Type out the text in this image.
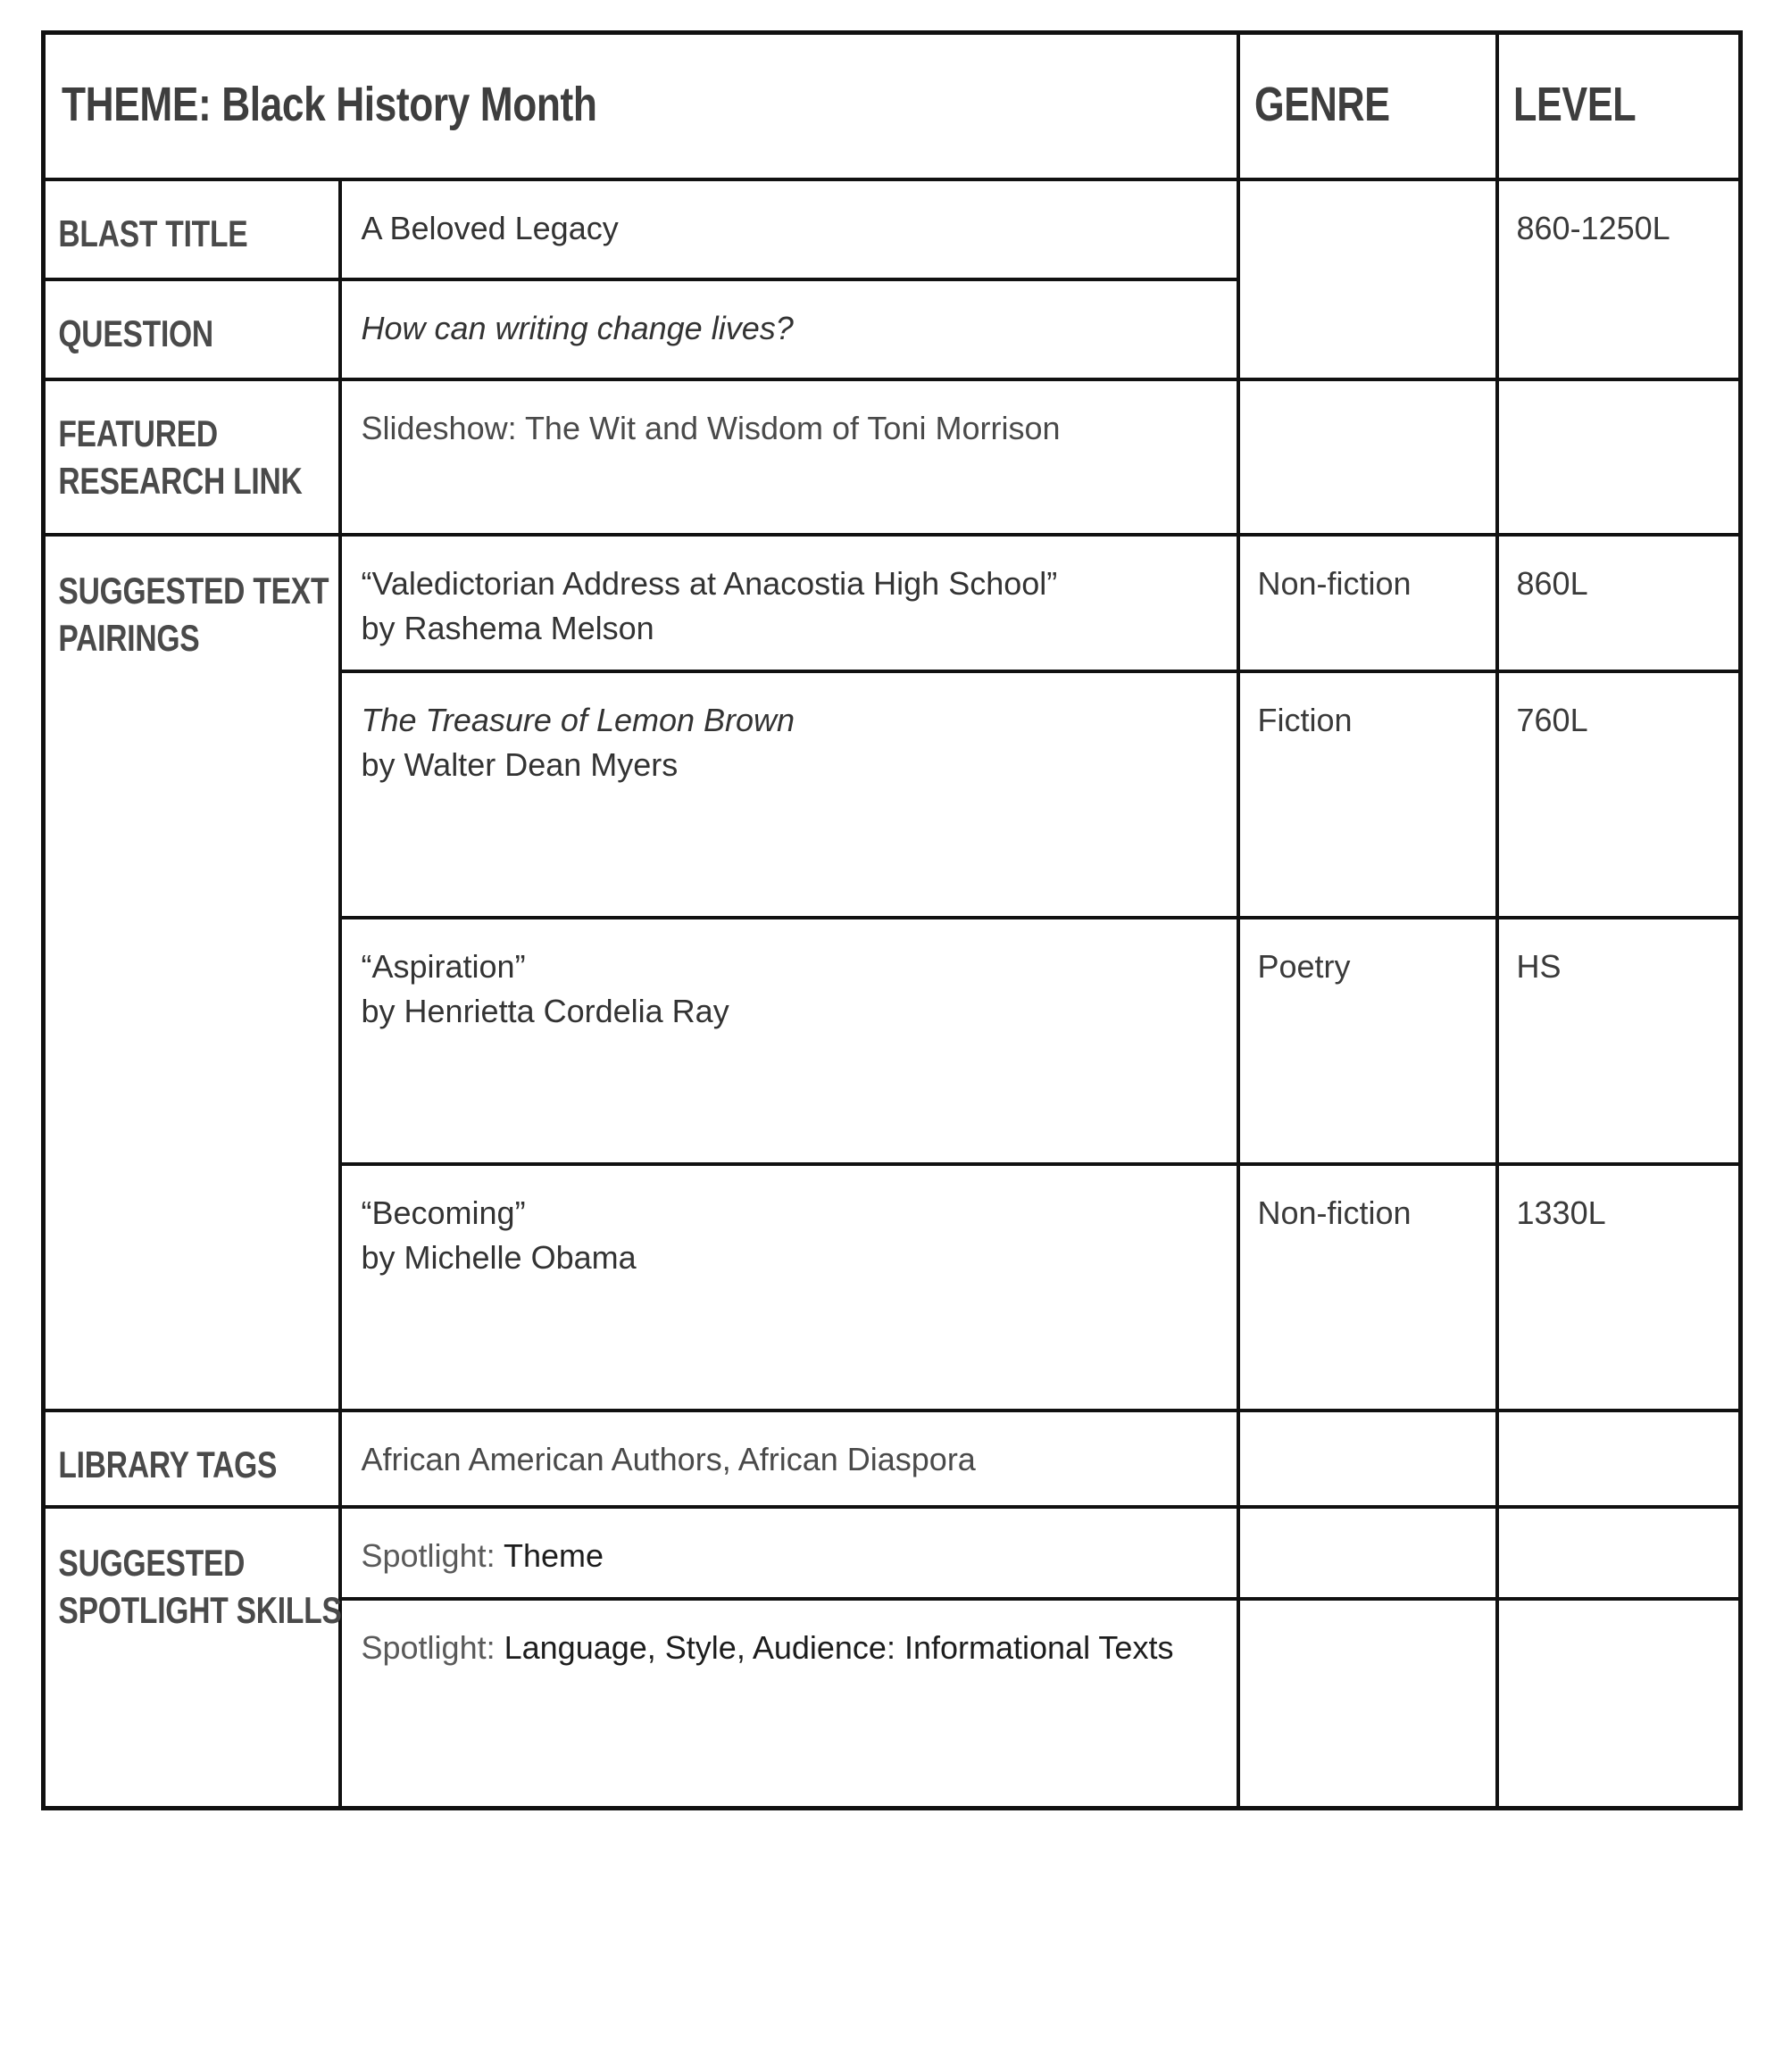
THEME: Black History Month		GENRE	LEVEL

BLAST TITLE	A Beloved Legacy		860-1250L

QUESTION	How can writing change lives?		

FEATURED RESEARCH LINK	Slideshow: The Wit and Wisdom of Toni Morrison		

SUGGESTED TEXT PAIRINGS	“Valedictorian Address at Anacostia High School”
by Rashema Melson	Non-fiction	860L

	The Treasure of Lemon Brown
by Walter Dean Myers	Fiction	760L

	“Aspiration”
by Henrietta Cordelia Ray	Poetry	HS

	“Becoming”
by Michelle Obama	Non-fiction	1330L

LIBRARY TAGS	African American Authors, African Diaspora		

SUGGESTED SPOTLIGHT SKILLS	Spotlight: Theme		

	Spotlight: Language, Style, Audience: Informational Texts		
